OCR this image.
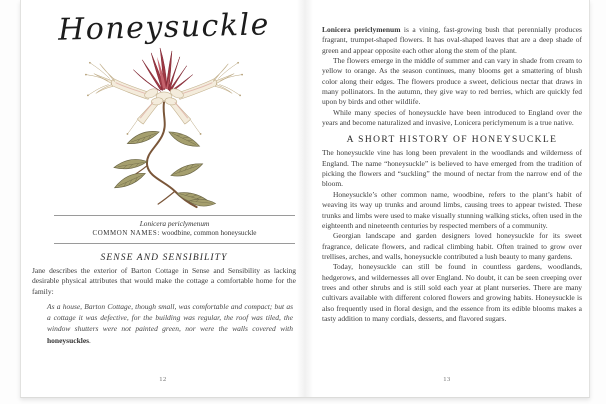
Honeysuckle
Lonicera periclymenum
COMMON NAMES: woodbine, common honeysuckle
SENSE AND SENSIBILITY

Jane describes the exterior of Barton Cottage in Sense and Sensibility as lacking desirable physical attributes that would make the cottage a comfortable home for the family:

As a house, Barton Cottage, though small, was comfortable and compact; but as a cottage it was defective, for the building was regular, the roof was tiled, the window shutters were not painted green, nor were the walls covered with honeysuckles.
12

Lonicera periclymenum is a vining, fast-growing bush that perennially produces fragrant, trumpet-shaped flowers. It has oval-shaped leaves that are a deep shade of green and appear opposite each other along the stem of the plant.

The flowers emerge in the middle of summer and can vary in shade from cream to yellow to orange. As the season continues, many blooms get a smattering of blush color along their edges. The flowers produce a sweet, delicious nectar that draws in many pollinators. In the autumn, they give way to red berries, which are quickly fed upon by birds and other wildlife.

While many species of honeysuckle have been introduced to England over the years and become naturalized and invasive, Lonicera periclymenum is a true native.

A SHORT HISTORY OF HONEYSUCKLE

The honeysuckle vine has long been prevalent in the woodlands and wilderness of England. The name “honeysuckle” is believed to have emerged from the tradition of picking the flowers and “suckling” the mound of nectar from the narrow end of the bloom.

Honeysuckle’s other common name, woodbine, refers to the plant’s habit of weaving its way up trunks and around limbs, causing trees to appear twisted. These trunks and limbs were used to make visually stunning walking sticks, often used in the eighteenth and nineteenth centuries by respected members of a community.

Georgian landscape and garden designers loved honeysuckle for its sweet fragrance, delicate flowers, and radical climbing habit. Often trained to grow over trellises, arches, and walls, honeysuckle contributed a lush beauty to many gardens.

Today, honeysuckle can still be found in countless gardens, woodlands, hedgerows, and wildernesses all over England. No doubt, it can be seen creeping over trees and other shrubs and is still sold each year at plant nurseries. There are many cultivars available with different colored flowers and growing habits. Honeysuckle is also frequently used in floral design, and the essence from its edible blooms makes a tasty addition to many cordials, desserts, and flavored sugars.

13
